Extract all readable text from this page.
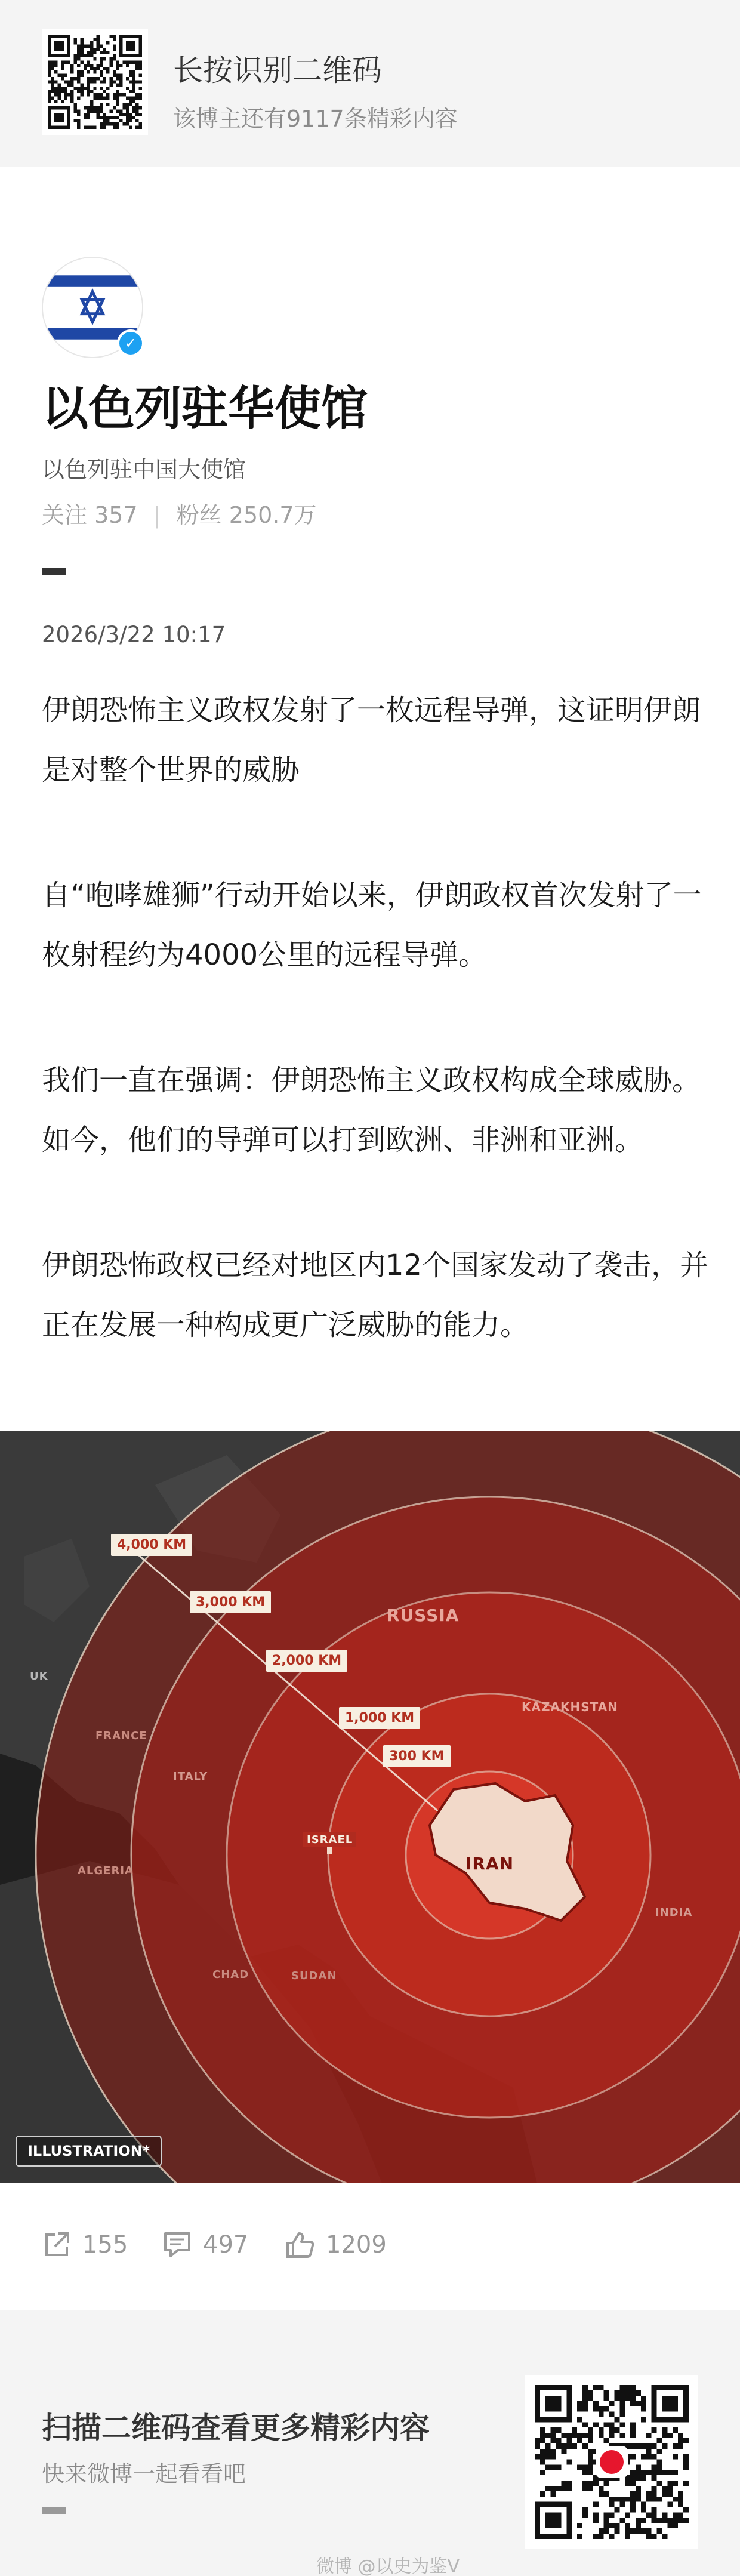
长按识别二维码
该博主还有9117条精彩内容
✓
以色列驻华使馆
以色列驻中国大使馆
关注 357 | 粉丝 250.7万
2026/3/22 10:17

伊朗恐怖主义政权发射了一枚远程导弹，这证明伊朗是对整个世界的威胁

自“咆哮雄狮”行动开始以来，伊朗政权首次发射了一枚射程约为4000公里的远程导弹。

我们一直在强调：伊朗恐怖主义政权构成全球威胁。如今，他们的导弹可以打到欧洲、非洲和亚洲。

伊朗恐怖政权已经对地区内12个国家发动了袭击，并正在发展一种构成更广泛威胁的能力。

4,000 KM
3,000 KM
2,000 KM
1,000 KM
300 KM
IRAN
ISRAEL
RUSSIA
KAZAKHSTAN
UK
FRANCE
ITALY
ALGERIA
CHAD	SUDAN
INDIA
ILLUSTRATION*
155	497	1209
扫描二维码查看更多精彩内容
快来微博一起看看吧
微博 @以史为鉴V
